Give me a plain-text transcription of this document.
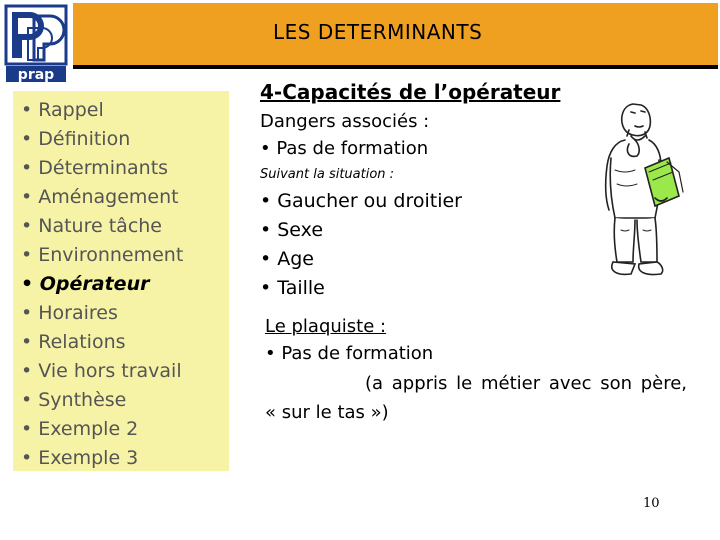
prap
LES DETERMINANTS
• Rappel
• Définition
• Déterminants
• Aménagement
• Nature tâche
• Environnement
• Opérateur
• Horaires
• Relations
• Vie hors travail
• Synthèse
• Exemple 2
• Exemple 3
4-Capacités de l’opérateur
Dangers associés :
• Pas de formation
Suivant la situation :
• Gaucher ou droitier
• Sexe
• Age
• Taille
Le plaquiste :
• Pas de formation
(a appris le métier avec son père,
« sur le tas »)
10
